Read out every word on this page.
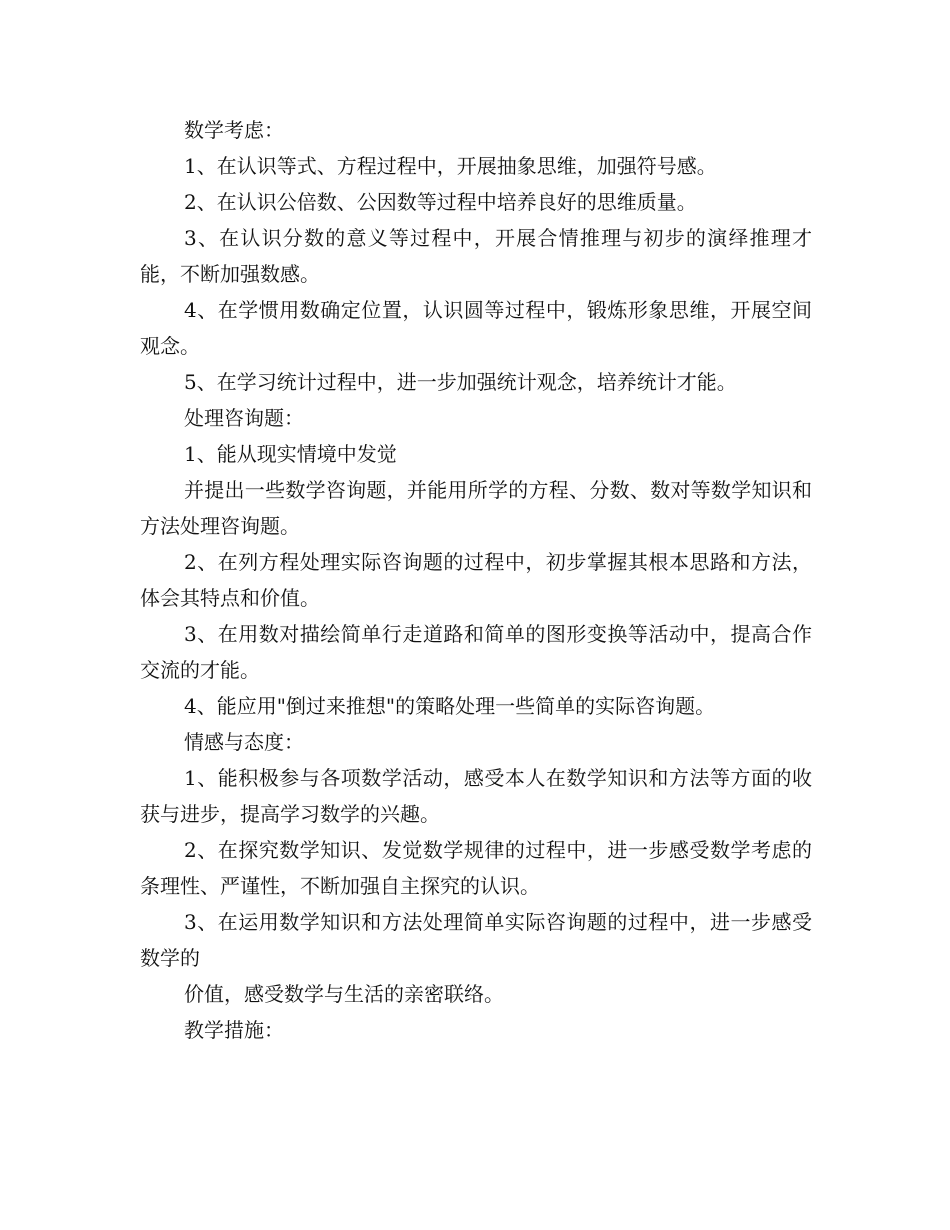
数学考虑：

1、在认识等式、方程过程中，开展抽象思维，加强符号感。

2、在认识公倍数、公因数等过程中培养良好的思维质量。

3、在认识分数的意义等过程中，开展合情推理与初步的演绎推理才能，不断加强数感。

4、在学惯用数确定位置，认识圆等过程中，锻炼形象思维，开展空间观念。

5、在学习统计过程中，进一步加强统计观念，培养统计才能。

处理咨询题：

1、能从现实情境中发觉

并提出一些数学咨询题，并能用所学的方程、分数、数对等数学知识和方法处理咨询题。

2、在列方程处理实际咨询题的过程中，初步掌握其根本思路和方法，体会其特点和价值。

3、在用数对描绘简单行走道路和简单的图形变换等活动中，提高合作交流的才能。

4、能应用"倒过来推想"的策略处理一些简单的实际咨询题。

情感与态度：

1、能积极参与各项数学活动，感受本人在数学知识和方法等方面的收获与进步，提高学习数学的兴趣。

2、在探究数学知识、发觉数学规律的过程中，进一步感受数学考虑的条理性、严谨性，不断加强自主探究的认识。

3、在运用数学知识和方法处理简单实际咨询题的过程中，进一步感受数学的

价值，感受数学与生活的亲密联络。

教学措施：
